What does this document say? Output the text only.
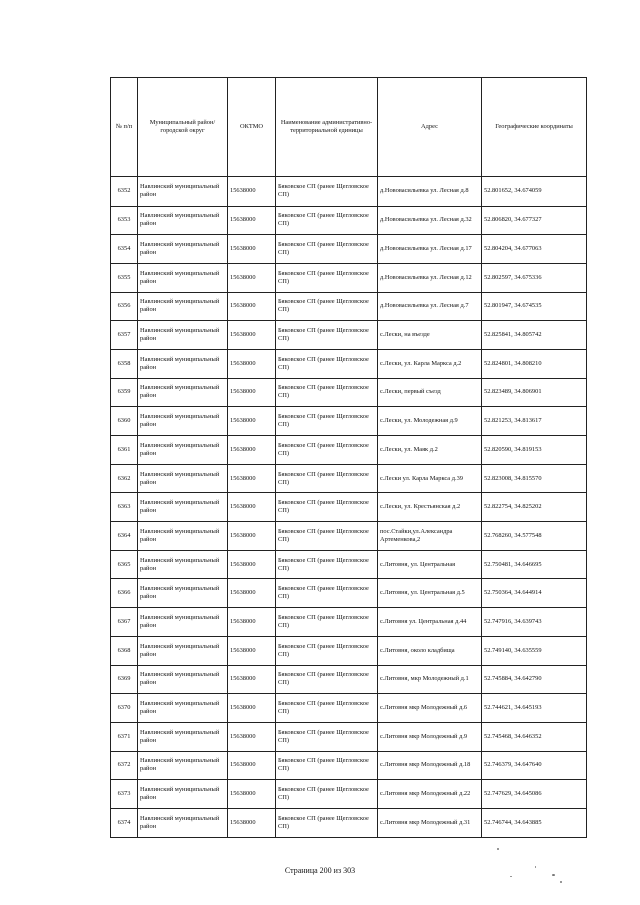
№ п/п	Муниципальный район/городской округ	ОКТМО	Наименование административно-территориальной единицы	Адрес	Географические координаты
6352	Навлинский муниципальный район	15638000	Бяковское СП (ранее Щегловское СП)	д.Нововасильевка ул. Лесная д.8	52.801652, 34.674059
6353	Навлинский муниципальный район	15638000	Бяковское СП (ранее Щегловское СП)	д.Нововасильевка ул. Лесная д.32	52.806820, 34.677327
6354	Навлинский муниципальный район	15638000	Бяковское СП (ранее Щегловское СП)	д.Нововасильевка ул. Лесная д.17	52.804204, 34.677063
6355	Навлинский муниципальный район	15638000	Бяковское СП (ранее Щегловское СП)	д.Нововасильевка ул. Лесная д.12	52.802597, 34.675336
6356	Навлинский муниципальный район	15638000	Бяковское СП (ранее Щегловское СП)	д.Нововасильевка ул. Лесная д.7	52.801947, 34.674535
6357	Навлинский муниципальный район	15638000	Бяковское СП (ранее Щегловское СП)	с.Лески, на въезде	52.825841, 34.805742
6358	Навлинский муниципальный район	15638000	Бяковское СП (ранее Щегловское СП)	с.Лески, ул. Карла Маркса д.2	52.824801, 34.808210
6359	Навлинский муниципальный район	15638000	Бяковское СП (ранее Щегловское СП)	с.Лески, первый съезд	52.823489, 34.806901
6360	Навлинский муниципальный район	15638000	Бяковское СП (ранее Щегловское СП)	с.Лески, ул. Молодежная д.9	52.821253, 34.813617
6361	Навлинский муниципальный район	15638000	Бяковское СП (ранее Щегловское СП)	с.Лески, ул. Маяк д.2	52.820590, 34.819153
6362	Навлинский муниципальный район	15638000	Бяковское СП (ранее Щегловское СП)	с.Лески ул. Карла Маркса д.39	52.823008, 34.815570
6363	Навлинский муниципальный район	15638000	Бяковское СП (ранее Щегловское СП)	с.Лески, ул. Крестьянская д.2	52.822754, 34.825202
6364	Навлинский муниципальный район	15638000	Бяковское СП (ранее Щегловское СП)	пос.Стайки,ул.Александра Артеменкова,2	52.768260, 34.577548
6365	Навлинский муниципальный район	15638000	Бяковское СП (ранее Щегловское СП)	с.Литовня, ул. Центральная	52.750481, 34.646695
6366	Навлинский муниципальный район	15638000	Бяковское СП (ранее Щегловское СП)	с.Литовня, ул. Центральная д.5	52.750364, 34.644914
6367	Навлинский муниципальный район	15638000	Бяковское СП (ранее Щегловское СП)	с.Литовня ул. Центральная д.44	52.747916, 34.639743
6368	Навлинский муниципальный район	15638000	Бяковское СП (ранее Щегловское СП)	с.Литовня, около кладбища	52.749140, 34.635559
6369	Навлинский муниципальный район	15638000	Бяковское СП (ранее Щегловское СП)	с.Литовня, мкр Молодежный д.1	52.745884, 34.642790
6370	Навлинский муниципальный район	15638000	Бяковское СП (ранее Щегловское СП)	с.Литовня мкр Молодежный д.6	52.744621, 34.645193
6371	Навлинский муниципальный район	15638000	Бяковское СП (ранее Щегловское СП)	с.Литовня мкр Молодежный д.9	52.745468, 34.646352
6372	Навлинский муниципальный район	15638000	Бяковское СП (ранее Щегловское СП)	с.Литовня мкр Молодежный д.18	52.746379, 34.647640
6373	Навлинский муниципальный район	15638000	Бяковское СП (ранее Щегловское СП)	с.Литовня мкр Молодежный д.22	52.747629, 34.645086
6374	Навлинский муниципальный район	15638000	Бяковское СП (ранее Щегловское СП)	с.Литовня мкр Молодежный д.31	52.746744, 34.643885
Страница 200 из 303
